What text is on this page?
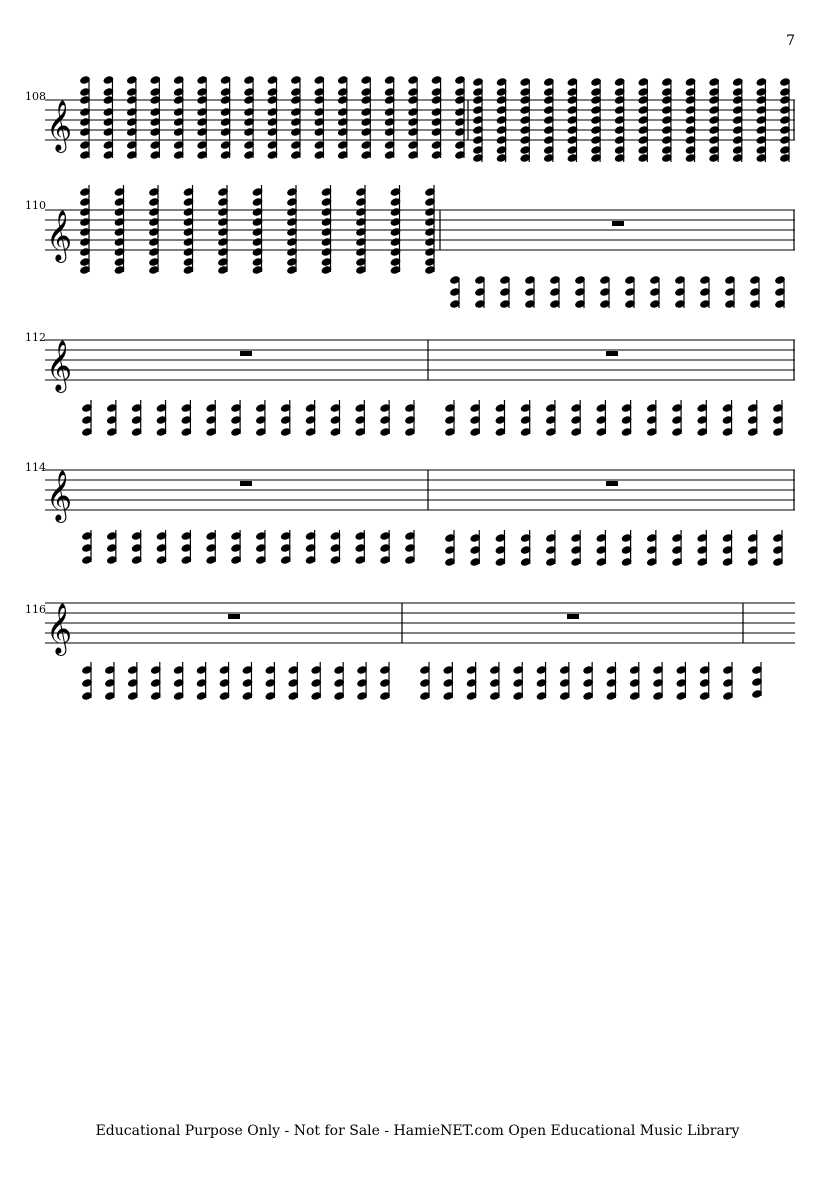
7
108
𝄞
110
𝄞
112
𝄞
114
𝄞
116 𝄞
Educational Purpose Only - Not for Sale - HamieNET.com Open Educational Music Library
